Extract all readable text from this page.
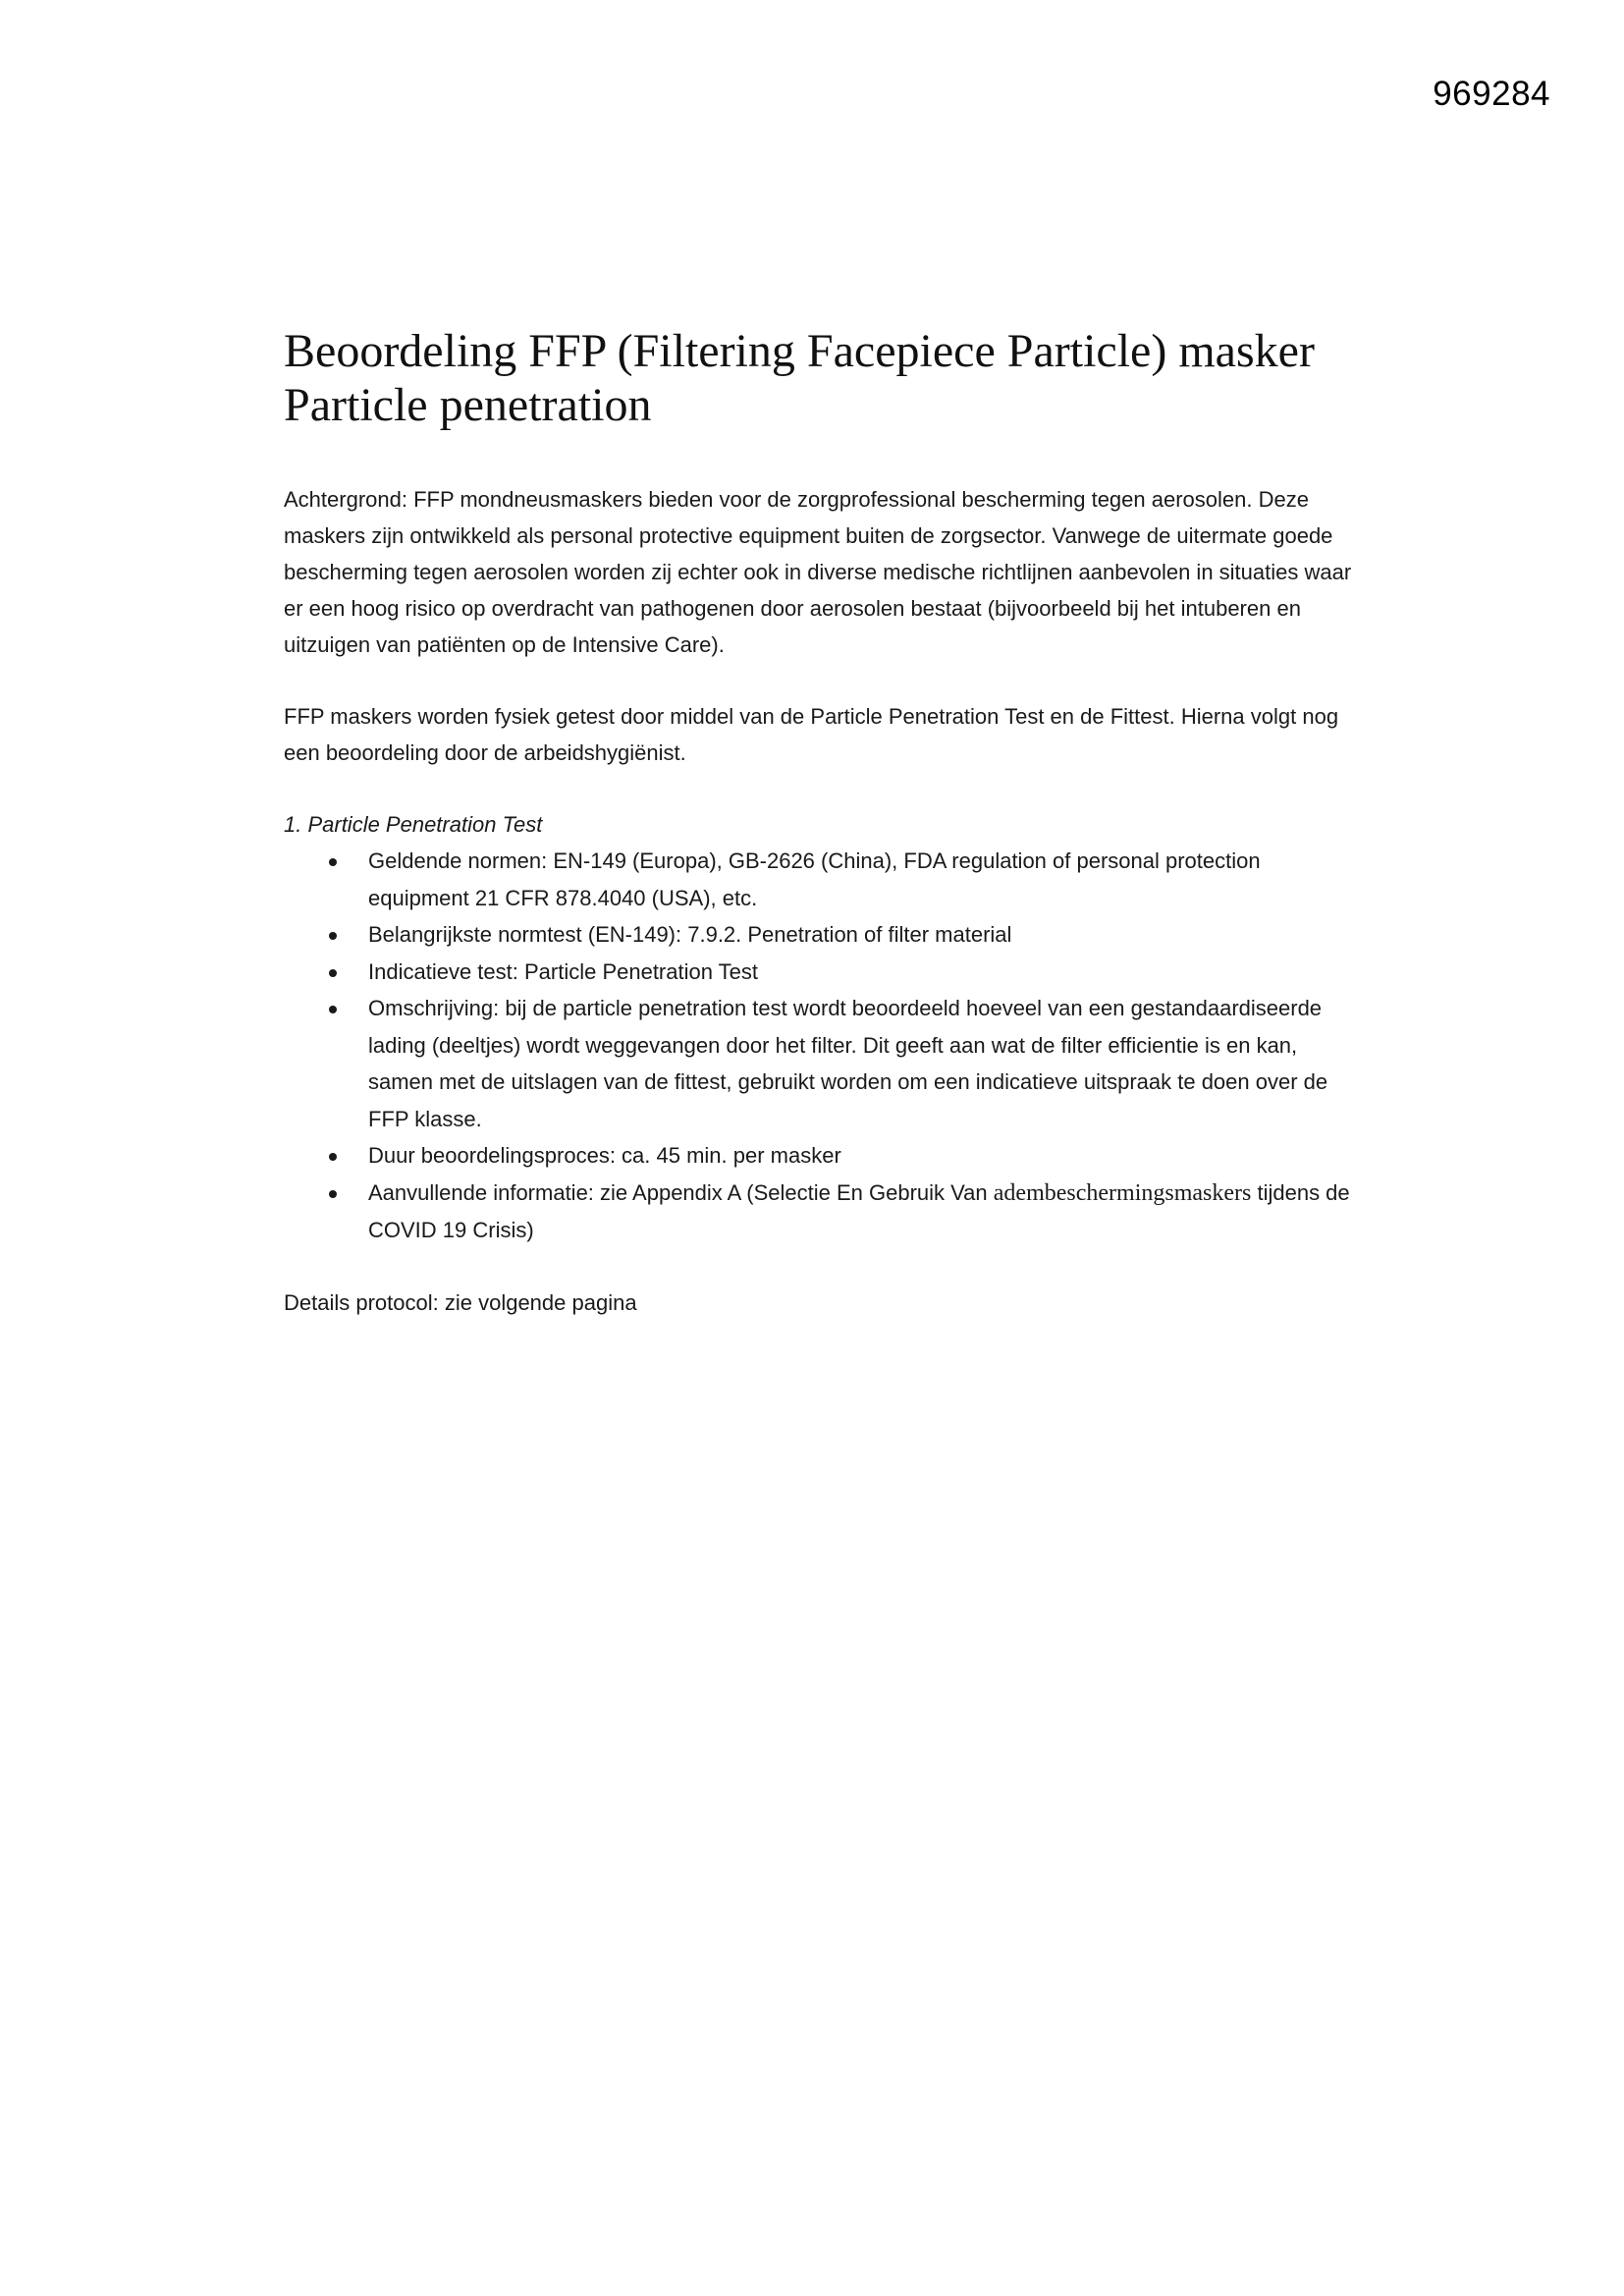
969284
Beoordeling FFP (Filtering Facepiece Particle) masker
Particle penetration

Achtergrond: FFP mondneusmaskers bieden voor de zorgprofessional bescherming tegen aerosolen. Deze maskers zijn ontwikkeld als personal protective equipment buiten de zorgsector. Vanwege de uitermate goede bescherming tegen aerosolen worden zij echter ook in diverse medische richtlijnen aanbevolen in situaties waar er een hoog risico op overdracht van pathogenen door aerosolen bestaat (bijvoorbeeld bij het intuberen en uitzuigen van patiënten op de Intensive Care).

FFP maskers worden fysiek getest door middel van de Particle Penetration Test en de Fittest. Hierna volgt nog een beoordeling door de arbeidshygiënist.

1. Particle Penetration Test
Geldende normen: EN-149 (Europa), GB-2626 (China), FDA regulation of personal protection equipment 21 CFR 878.4040 (USA), etc.
Belangrijkste normtest (EN-149): 7.9.2. Penetration of filter material
Indicatieve test: Particle Penetration Test
Omschrijving: bij de particle penetration test wordt beoordeeld hoeveel van een gestandaardiseerde lading (deeltjes) wordt weggevangen door het filter. Dit geeft aan wat de filter efficientie is en kan, samen met de uitslagen van de fittest, gebruikt worden om een indicatieve uitspraak te doen over de FFP klasse.
Duur beoordelingsproces: ca. 45 min. per masker
Aanvullende informatie: zie Appendix A (Selectie En Gebruik Van adembeschermingsmaskers tijdens de COVID 19 Crisis)

Details protocol: zie volgende pagina
